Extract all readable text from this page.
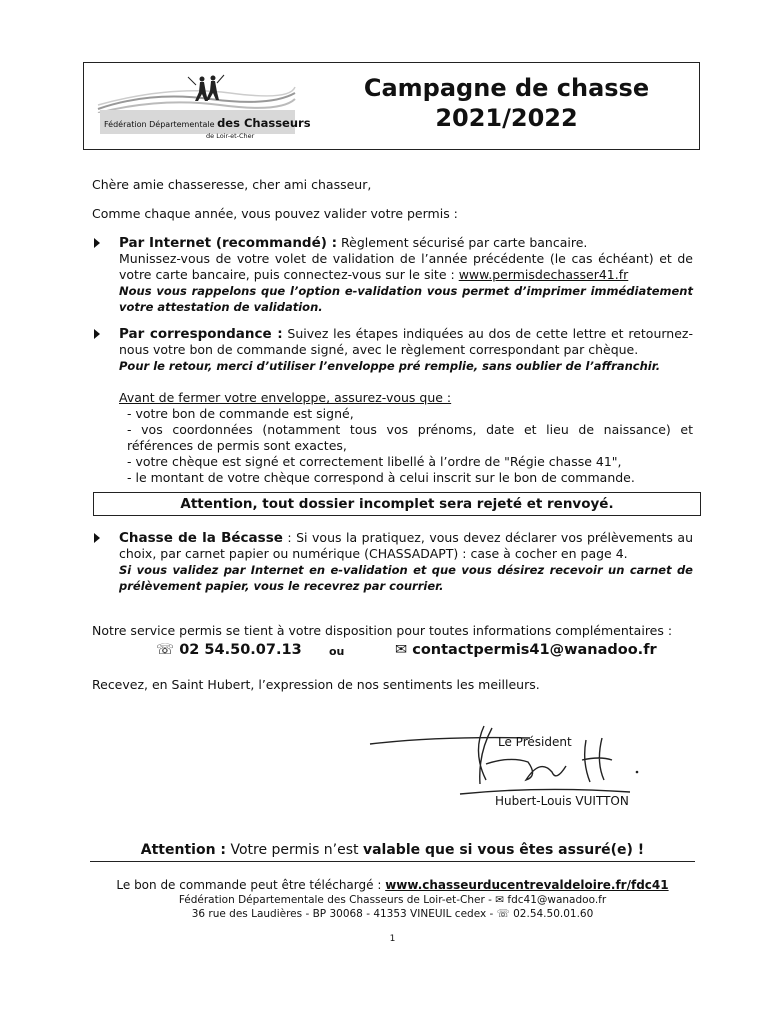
Fédération Départementale des Chasseurs
de Loir-et-Cher
Campagne de chasse
2021/2022
Chère amie chasseresse, cher ami chasseur,
Comme chaque année, vous pouvez valider votre permis :
Par Internet (recommandé) : Règlement sécurisé par carte bancaire.
Munissez-vous de votre volet de validation de l’année précédente (le cas échéant) et de votre carte bancaire, puis connectez-vous sur le site : www.permisdechasser41.fr
Nous vous rappelons que l’option e-validation vous permet d’imprimer immédiatement votre attestation de validation.
Par correspondance : Suivez les étapes indiquées au dos de cette lettre et retournez-nous votre bon de commande signé, avec le règlement correspondant par chèque.
Pour le retour, merci d’utiliser l’enveloppe pré remplie, sans oublier de l’affranchir.
Avant de fermer votre enveloppe, assurez-vous que :
- votre bon de commande est signé,
- vos coordonnées (notamment tous vos prénoms, date et lieu de naissance) et références de permis sont exactes,
- votre chèque est signé et correctement libellé à l’ordre de "Régie chasse 41",
- le montant de votre chèque correspond à celui inscrit sur le bon de commande.
Attention, tout dossier incomplet sera rejeté et renvoyé.
Chasse de la Bécasse : Si vous la pratiquez, vous devez déclarer vos prélèvements au choix, par carnet papier ou numérique (CHASSADAPT) : case à cocher en page 4.
Si vous validez par Internet en e-validation et que vous désirez recevoir un carnet de prélèvement papier, vous le recevrez par courrier.
Notre service permis se tient à votre disposition pour toutes informations complémentaires :
☏ 02 54.50.07.13 ou	✉ contactpermis41@wanadoo.fr
Recevez, en Saint Hubert, l’expression de nos sentiments les meilleurs.
Le Président
Hubert-Louis VUITTON
Attention : Votre permis n’est valable que si vous êtes assuré(e) !
Le bon de commande peut être téléchargé : www.chasseurducentrevaldeloire.fr/fdc41
Fédération Départementale des Chasseurs de Loir-et-Cher - ✉ fdc41@wanadoo.fr
36 rue des Laudières - BP 30068 - 41353 VINEUIL cedex - ☏ 02.54.50.01.60
1
